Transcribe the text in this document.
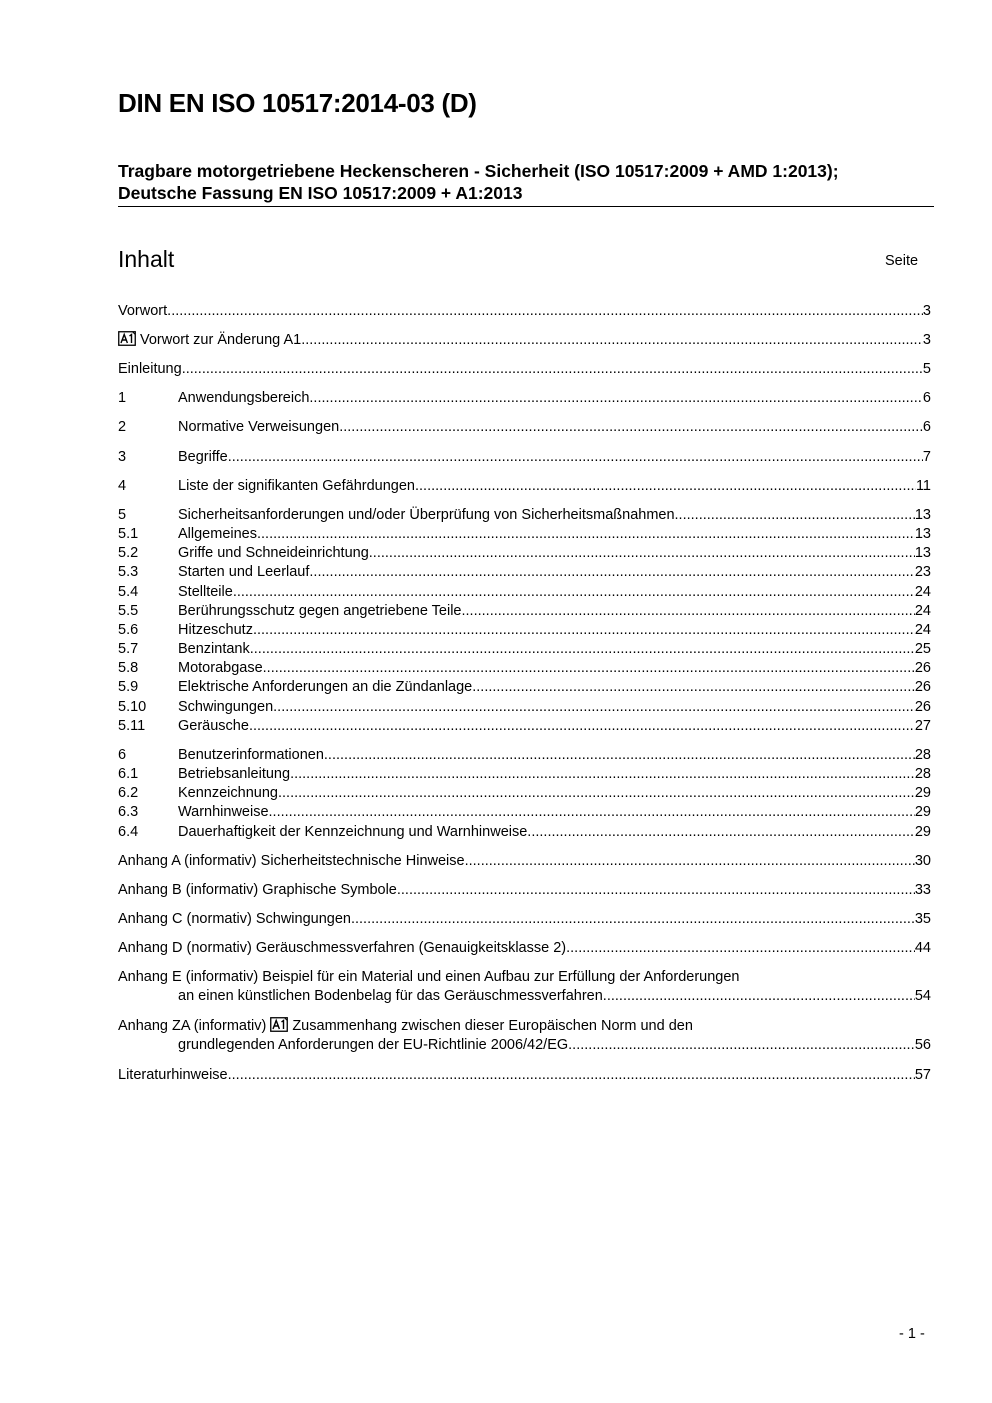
DIN EN ISO 10517:2014-03 (D)

Tragbare motorgetriebene Heckenscheren - Sicherheit (ISO 10517:2009 + AMD 1:2013); Deutsche Fassung EN ISO 10517:2009 + A1:2013

Inhalt	Seite
Vorwort .....	3
Vorwort zur Änderung A1 .....	3
Einleitung .....	5
1	Anwendungsbereich .....	6
2	Normative Verweisungen .....	6
3	Begriffe .....	7
4	Liste der signifikanten Gefährdungen .....	11
5	Sicherheitsanforderungen und/oder Überprüfung von Sicherheitsmaßnahmen .....	13
5.1	Allgemeines .....	13
5.2	Griffe und Schneideinrichtung .....	13
5.3	Starten und Leerlauf .....	23
5.4	Stellteile .....	24
5.5	Berührungsschutz gegen angetriebene Teile .....	24
5.6	Hitzeschutz .....	24
5.7	Benzintank .....	25
5.8	Motorabgase .....	26
5.9	Elektrische Anforderungen an die Zündanlage .....	26
5.10	Schwingungen .....	26
5.11	Geräusche .....	27
6	Benutzerinformationen .....	28
6.1	Betriebsanleitung .....	28
6.2	Kennzeichnung .....	29
6.3	Warnhinweise .....	29
6.4	Dauerhaftigkeit der Kennzeichnung und Warnhinweise .....	29
Anhang A (informativ) Sicherheitstechnische Hinweise .....	30
Anhang B (informativ) Graphische Symbole .....	33
Anhang C (normativ) Schwingungen .....	35
Anhang D (normativ) Geräuschmessverfahren (Genauigkeitsklasse 2) .....	44
Anhang E (informativ) Beispiel für ein Material und einen Aufbau zur Erfüllung der Anforderungen
an einen künstlichen Bodenbelag für das Geräuschmessverfahren .....	54
Anhang ZA (informativ)	Zusammenhang zwischen dieser Europäischen Norm und den
grundlegenden Anforderungen der EU-Richtlinie 2006/42/EG .....	56
Literaturhinweise .....	57
- 1 -
